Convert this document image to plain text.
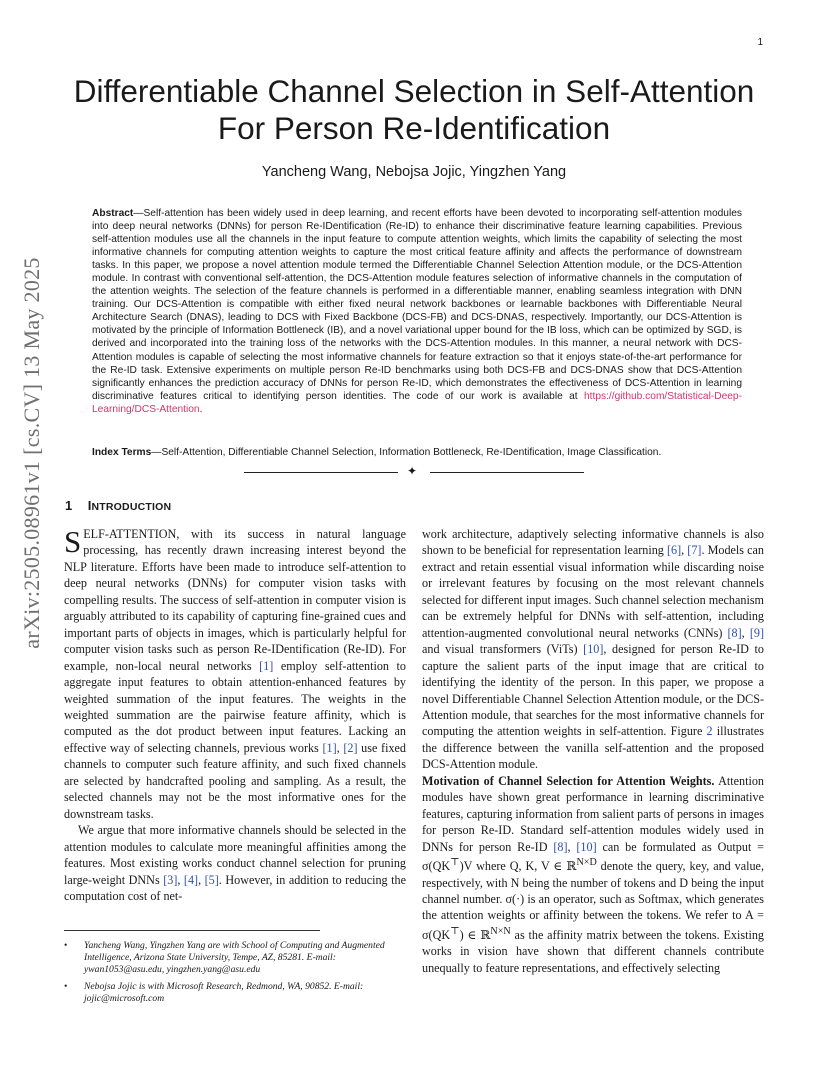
1
Differentiable Channel Selection in Self-Attention
For Person Re-Identification
Yancheng Wang, Nebojsa Jojic, Yingzhen Yang
Abstract—Self-attention has been widely used in deep learning, and recent efforts have been devoted to incorporating self-attention modules into deep neural networks (DNNs) for person Re-IDentification (Re-ID) to enhance their discriminative feature learning capabilities. Previous self-attention modules use all the channels in the input feature to compute attention weights, which limits the capability of selecting the most informative channels for computing attention weights to capture the most critical feature affinity and affects the performance of downstream tasks. In this paper, we propose a novel attention module termed the Differentiable Channel Selection Attention module, or the DCS-Attention module. In contrast with conventional self-attention, the DCS-Attention module features selection of informative channels in the computation of the attention weights. The selection of the feature channels is performed in a differentiable manner, enabling seamless integration with DNN training. Our DCS-Attention is compatible with either fixed neural network backbones or learnable backbones with Differentiable Neural Architecture Search (DNAS), leading to DCS with Fixed Backbone (DCS-FB) and DCS-DNAS, respectively. Importantly, our DCS-Attention is motivated by the principle of Information Bottleneck (IB), and a novel variational upper bound for the IB loss, which can be optimized by SGD, is derived and incorporated into the training loss of the networks with the DCS-Attention modules. In this manner, a neural network with DCS-Attention modules is capable of selecting the most informative channels for feature extraction so that it enjoys state-of-the-art performance for the Re-ID task. Extensive experiments on multiple person Re-ID benchmarks using both DCS-FB and DCS-DNAS show that DCS-Attention significantly enhances the prediction accuracy of DNNs for person Re-ID, which demonstrates the effectiveness of DCS-Attention in learning discriminative features critical to identifying person identities. The code of our work is available at https://github.com/Statistical-Deep-Learning/DCS-Attention.
Index Terms—Self-Attention, Differentiable Channel Selection, Information Bottleneck, Re-IDentification, Image Classification.
✦
arXiv:2505.08961v1 [cs.CV] 13 May 2025 1 INTRODUCTION

SELF-ATTENTION, with its success in natural language processing, has recently drawn increasing interest beyond the NLP literature. Efforts have been made to introduce self-attention to deep neural networks (DNNs) for computer vision tasks with compelling results. The success of self-attention in computer vision is arguably attributed to its capability of capturing fine-grained cues and important parts of objects in images, which is particularly helpful for computer vision tasks such as person Re-IDentification (Re-ID). For example, non-local neural networks [1] employ self-attention to aggregate input features to obtain attention-enhanced features by weighted summation of the input features. The weights in the weighted summation are the pairwise feature affinity, which is computed as the dot product between input features. Lacking an effective way of selecting channels, previous works [1], [2] use fixed channels to computer such feature affinity, and such fixed channels are selected by handcrafted pooling and sampling. As a result, the selected channels may not be the most informative ones for the downstream tasks.

We argue that more informative channels should be selected in the attention modules to calculate more meaningful affinities among the features. Most existing works conduct channel selection for pruning large-weight DNNs [3], [4], [5]. However, in addition to reducing the computation cost of net-

work architecture, adaptively selecting informative channels is also shown to be beneficial for representation learning [6], [7]. Models can extract and retain essential visual information while discarding noise or irrelevant features by focusing on the most relevant channels selected for different input images. Such channel selection mechanism can be extremely helpful for DNNs with self-attention, including attention-augmented convolutional neural networks (CNNs) [8], [9] and visual transformers (ViTs) [10], designed for person Re-ID to capture the salient parts of the input image that are critical to identifying the identity of the person. In this paper, we propose a novel Differentiable Channel Selection Attention module, or the DCS-Attention module, that searches for the most informative channels for computing the attention weights in self-attention. Figure 2 illustrates the difference between the vanilla self-attention and the proposed DCS-Attention module.

Motivation of Channel Selection for Attention Weights. Attention modules have shown great performance in learning discriminative features, capturing information from salient parts of persons in images for person Re-ID. Standard self-attention modules widely used in DNNs for person Re-ID [8], [10] can be formulated as Output = σ(QK⊤)V where Q, K, V ∈ ℝ$^{N\times D}$ denote the query, key, and value, respectively, with N being the number of tokens and D being the input channel number. σ(·) is an operator, such as Softmax, which generates the attention weights or affinity between the tokens. We refer to A = σ(QK⊤) ∈ ℝ$^{N\times N}$ as the affinity matrix between the tokens. Existing works in vision have shown that different channels contribute unequally to feature representations, and effectively selecting

• Yancheng Wang, Yingzhen Yang are with School of Computing and Augmented Intelligence, Arizona State University, Tempe, AZ, 85281. E-mail: ywan1053@asu.edu, yingzhen.yang@asu.edu
• Nebojsa Jojic is with Microsoft Research, Redmond, WA, 90852. E-mail: jojic@microsoft.com
